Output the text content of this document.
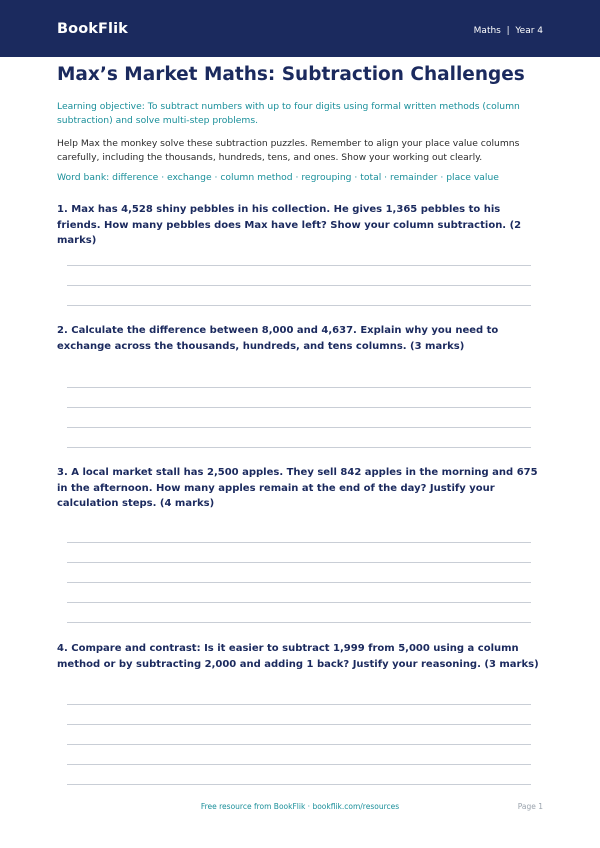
BookFlik	Maths  |  Year 4
Max’s Market Maths: Subtraction Challenges
Learning objective: To subtract numbers with up to four digits using formal written methods (column subtraction) and solve multi-step problems.
Help Max the monkey solve these subtraction puzzles. Remember to align your place value columns carefully, including the thousands, hundreds, tens, and ones. Show your working out clearly.
Word bank: difference · exchange · column method · regrouping · total · remainder · place value
1. Max has 4,528 shiny pebbles in his collection. He gives 1,365 pebbles to his friends. How many pebbles does Max have left? Show your column subtraction. (2 marks)
2. Calculate the difference between 8,000 and 4,637. Explain why you need to exchange across the thousands, hundreds, and tens columns. (3 marks)
3. A local market stall has 2,500 apples. They sell 842 apples in the morning and 675 in the afternoon. How many apples remain at the end of the day? Justify your calculation steps. (4 marks)
4. Compare and contrast: Is it easier to subtract 1,999 from 5,000 using a column method or by subtracting 2,000 and adding 1 back? Justify your reasoning. (3 marks)
Free resource from BookFlik · bookflik.com/resources	Page 1
